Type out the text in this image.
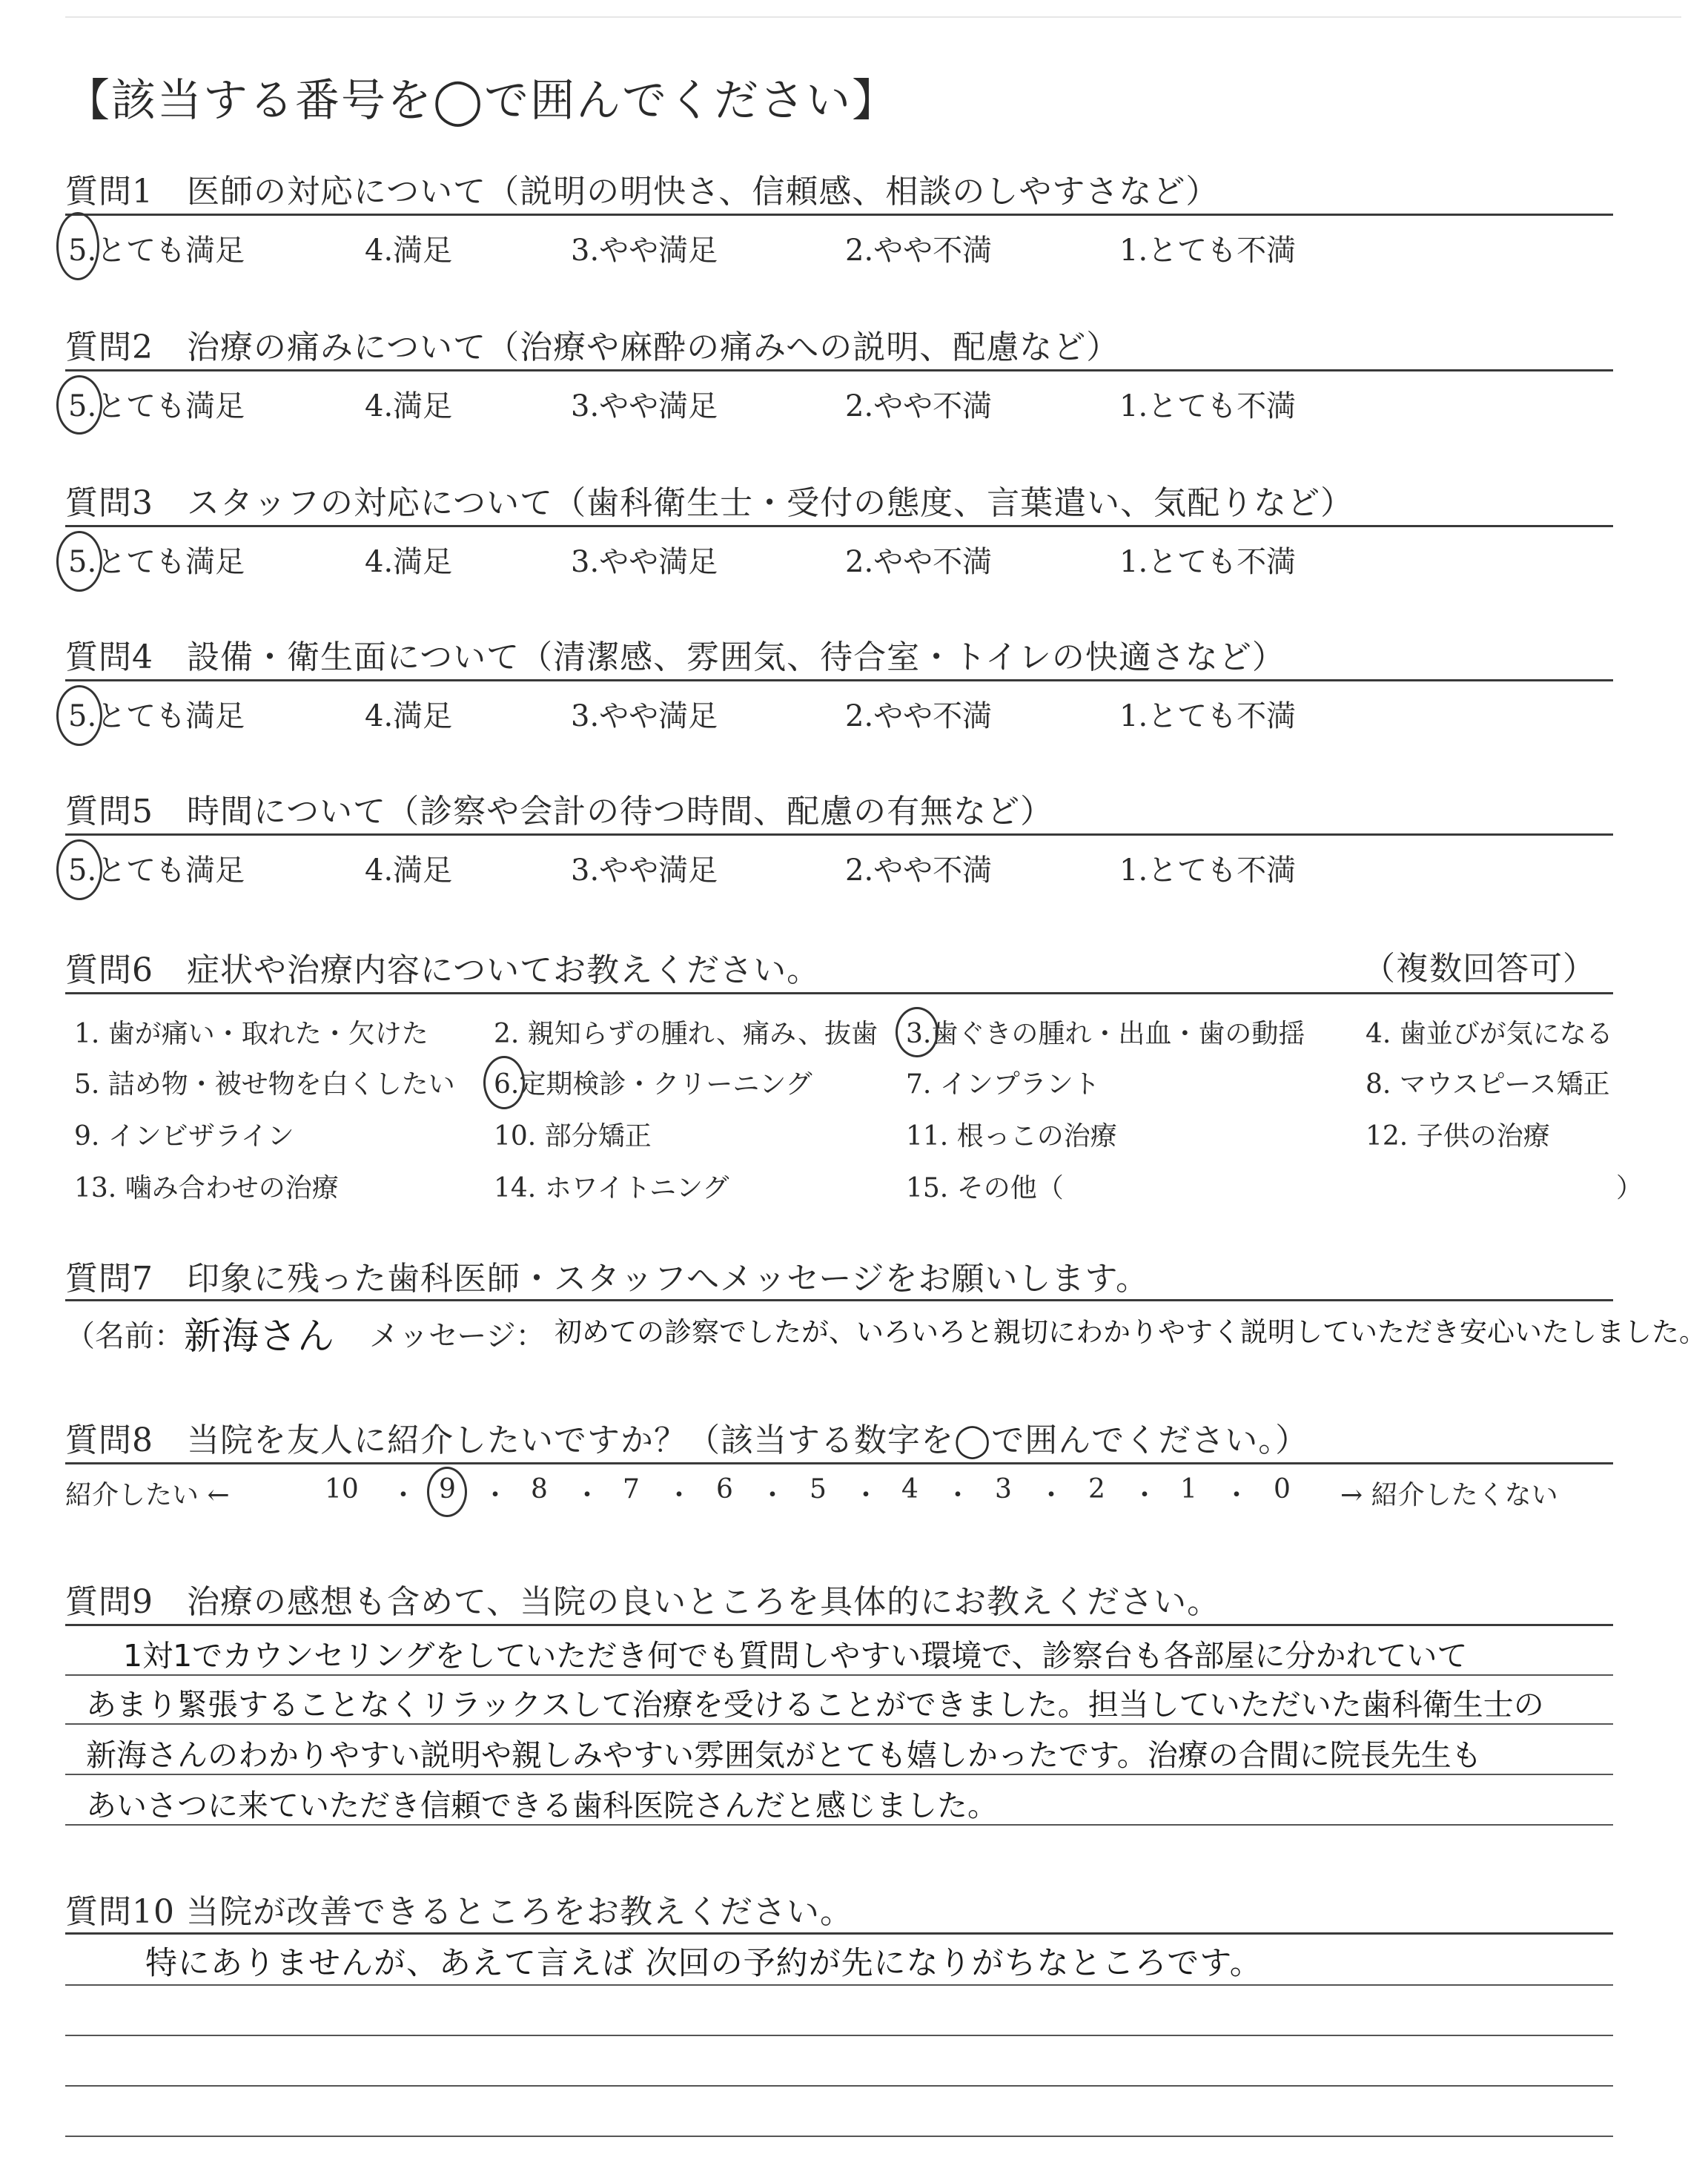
【該当する番号を◯で囲んでください】
質問1　医師の対応について（説明の明快さ、信頼感、相談のしやすさなど）
5.とても満足	4.満足	3.やや満足	2.やや不満	1.とても不満
質問2　治療の痛みについて（治療や麻酔の痛みへの説明、配慮など）
5.とても満足	4.満足	3.やや満足	2.やや不満	1.とても不満
質問3　スタッフの対応について（歯科衛生士・受付の態度、言葉遣い、気配りなど）
5.とても満足	4.満足	3.やや満足	2.やや不満	1.とても不満
質問4　設備・衛生面について（清潔感、雰囲気、待合室・トイレの快適さなど）
5.とても満足	4.満足	3.やや満足	2.やや不満	1.とても不満
質問5　時間について（診察や会計の待つ時間、配慮の有無など）
5.とても満足	4.満足	3.やや満足	2.やや不満	1.とても不満
質問6　症状や治療内容についてお教えください。	（複数回答可）
1. 歯が痛い・取れた・欠けた 2. 親知らずの腫れ、痛み、抜歯 3.歯ぐきの腫れ・出血・歯の動揺 4. 歯並びが気になる
5. 詰め物・被せ物を白くしたい 6.定期検診・クリーニング	7. インプラント	8. マウスピース矯正
9. インビザライン	10. 部分矯正	11. 根っこの治療	12. 子供の治療
13. 噛み合わせの治療	14. ホワイトニング	15. その他（	）
質問7　印象に残った歯科医師・スタッフへメッセージをお願いします。
（名前： 新海さん メッセージ： 初めての診察でしたが、いろいろと親切にわかりやすく説明していただき安心いたしました。
質問8　当院を友人に紹介したいですか？（該当する数字を◯で囲んでください。）
紹介したい ←	10 ・ 9 ・ 8 ・ 7 ・ 6 ・ 5 ・ 4 ・ 3 ・ 2 ・ 1 ・ 0 → 紹介したくない
質問9　治療の感想も含めて、当院の良いところを具体的にお教えください。
1対1でカウンセリングをしていただき何でも質問しやすい環境で、診察台も各部屋に分かれていて
あまり緊張することなくリラックスして治療を受けることができました。担当していただいた歯科衛生士の
新海さんのわかりやすい説明や親しみやすい雰囲気がとても嬉しかったです。治療の合間に院長先生も
あいさつに来ていただき信頼できる歯科医院さんだと感じました。
質問10 当院が改善できるところをお教えください。
特にありませんが、あえて言えば 次回の予約が先になりがちなところです。
